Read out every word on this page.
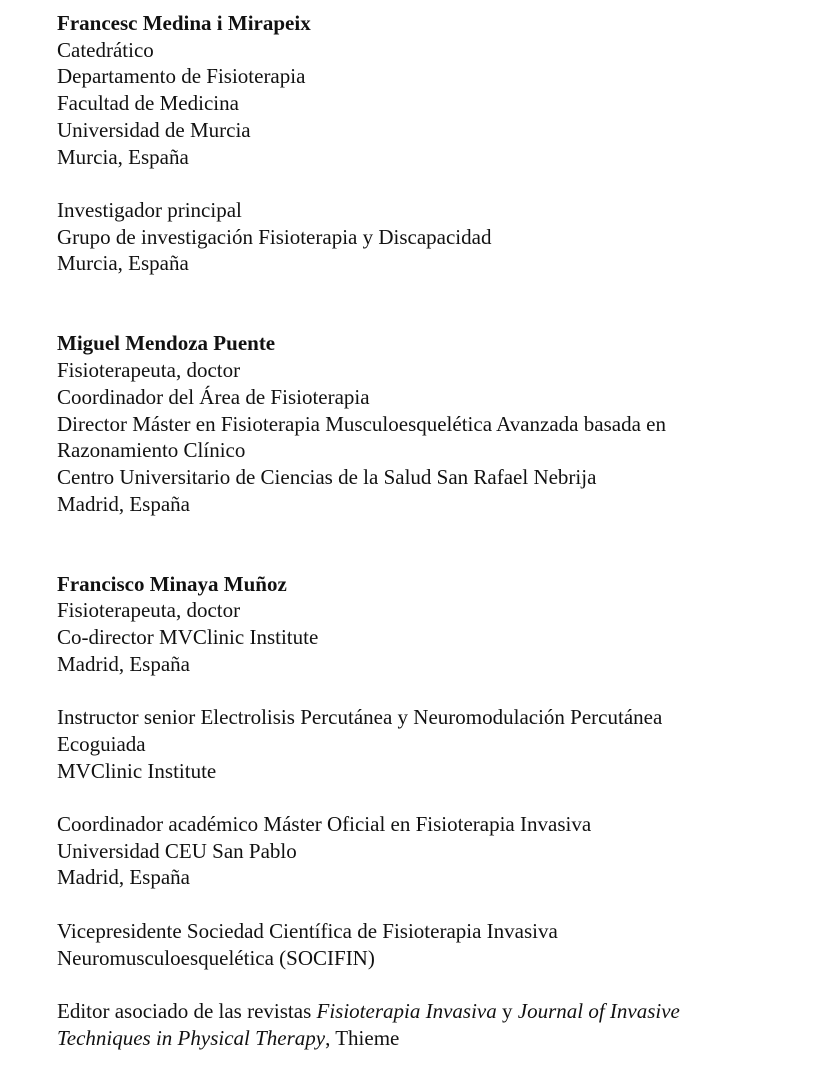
Francesc Medina i Mirapeix
Catedrático
Departamento de Fisioterapia
Facultad de Medicina
Universidad de Murcia
Murcia, España
Investigador principal
Grupo de investigación Fisioterapia y Discapacidad
Murcia, España
Miguel Mendoza Puente
Fisioterapeuta, doctor
Coordinador del Área de Fisioterapia
Director Máster en Fisioterapia Musculoesquelética Avanzada basada en
Razonamiento Clínico
Centro Universitario de Ciencias de la Salud San Rafael Nebrija
Madrid, España
Francisco Minaya Muñoz
Fisioterapeuta, doctor
Co-director MVClinic Institute
Madrid, España
Instructor senior Electrolisis Percutánea y Neuromodulación Percutánea
Ecoguiada
MVClinic Institute
Coordinador académico Máster Oficial en Fisioterapia Invasiva
Universidad CEU San Pablo
Madrid, España
Vicepresidente Sociedad Científica de Fisioterapia Invasiva
Neuromusculoesquelética (SOCIFIN)
Editor asociado de las revistas Fisioterapia Invasiva y Journal of Invasive
Techniques in Physical Therapy, Thieme
